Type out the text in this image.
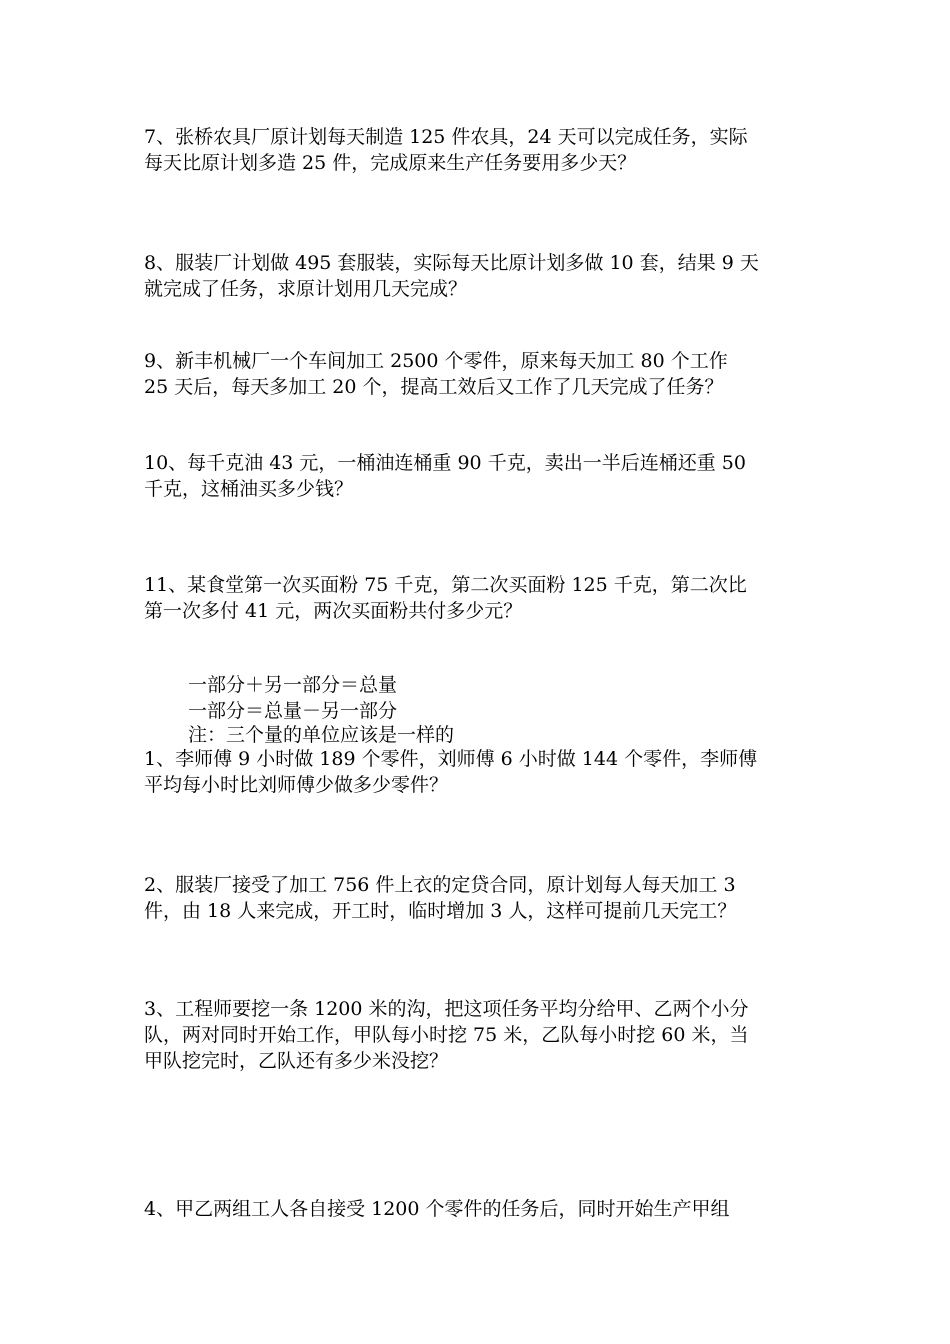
7、张桥农具厂原计划每天制造 125 件农具，24 天可以完成任务，实际
每天比原计划多造 25 件，完成原来生产任务要用多少天？
8、服装厂计划做 495 套服装，实际每天比原计划多做 10 套，结果 9 天
就完成了任务，求原计划用几天完成？
9、新丰机械厂一个车间加工 2500 个零件，原来每天加工 80 个工作
25 天后，每天多加工 20 个，提高工效后又工作了几天完成了任务？
10、每千克油 43 元，一桶油连桶重 90 千克，卖出一半后连桶还重 50
千克，这桶油买多少钱？
11、某食堂第一次买面粉 75 千克，第二次买面粉 125 千克，第二次比
第一次多付 41 元，两次买面粉共付多少元？
一部分＋另一部分＝总量
一部分＝总量－另一部分
注：三个量的单位应该是一样的
1、李师傅 9 小时做 189 个零件，刘师傅 6 小时做 144 个零件，李师傅
平均每小时比刘师傅少做多少零件？
2、服装厂接受了加工 756 件上衣的定贷合同，原计划每人每天加工 3
件，由 18 人来完成，开工时，临时增加 3 人，这样可提前几天完工？
3、工程师要挖一条 1200 米的沟，把这项任务平均分给甲、乙两个小分
队，两对同时开始工作，甲队每小时挖 75 米，乙队每小时挖 60 米，当
甲队挖完时，乙队还有多少米没挖？
4、甲乙两组工人各自接受 1200 个零件的任务后，同时开始生产甲组
